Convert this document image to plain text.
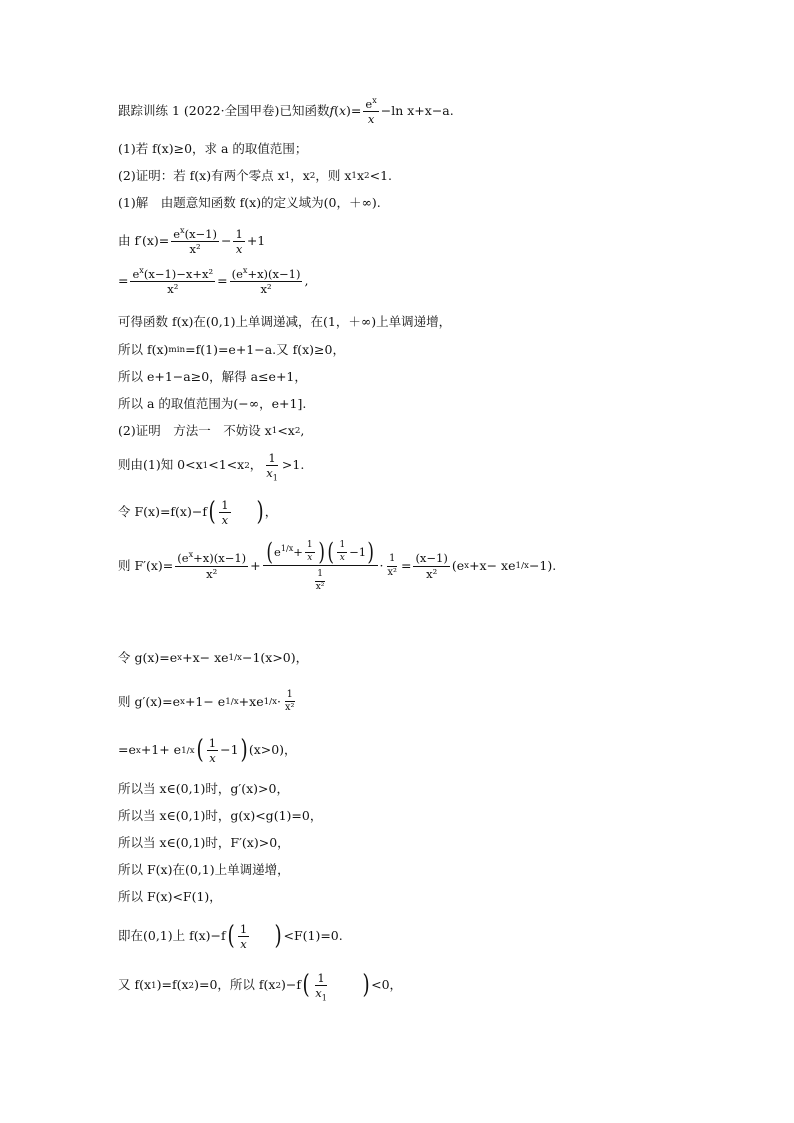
跟踪训练 1 (2022·全国甲卷)已知函数 f ( x )= $\frac{e^x}{x} -\ln$ x+x−a.
(1)若 f(x)≥0，求 a 的取值范围；
(2)证明：若 f(x)有两个零点 x 1 ，x 2 ，则 x 1 x 2 <1.
(1)解　由题意知函数 f(x)的定义域为(0，＋∞).
由 $f'(x)= \frac{e^x(x-1)}{\text{x²}} - \frac{1}{x} +1$
= $\frac{e^x(x-1)-x+x^2}{\text{x²}} = \frac{(e^x+x)(x-1)}{\text{x²}}$ ,
可得函数 f(x)在(0,1)上单调递减，在(1，＋∞)上单调递增，
所以 f(x) min =f(1)=e+1−a.又 f(x)≥0，
所以 e+1−a≥0，解得 a≤e+1，
所以 a 的取值范围为(−∞，e+1].
(2)证明　方法一　不妨设 x 1 <x 2 ,
则由(1)知 0<x 1 <1<x 2 ， $\frac{1}{x_1} >1$.
令 F(x)=f(x)−f ( $\frac{1}{x}$ ) ，
则 $F'(x)= \frac{(e^x+x)(x-1)}{\text{x²}}$ + ( $e^{1/x} + \frac{1}{x}$ ) ( $\frac{1}{x} -1$ )
$\frac{1}{\text{x²}}$
· $\frac{1}{\text{x²}} = \frac{(x-1)}{\text{x²}} (e$ x +x− xe 1/x −1).
令 g(x)=e x +x− xe 1/x −1(x>0)，
则 g′(x)=e x +1− e 1/x +xe $1/x \cdot \frac{1}{\text{x²}}$
=e x +1+ e 1/x ( $\frac{1}{x} -1$ ) (x>0)，
所以当 x∈(0,1)时，g′(x)>0，
所以当 x∈(0,1)时，g(x)<g(1)=0，
所以当 x∈(0,1)时，F′(x)>0，
所以 F(x)在(0,1)上单调递增，
所以 F(x)<F(1)，
即在(0,1)上 f(x)−f ( $\frac{1}{x}$ ) <F(1)=0.
又 f(x 1 )=f(x 2 )=0，所以 f(x 2 )−f ( $\frac{1}{x_1}$ ) <0，
